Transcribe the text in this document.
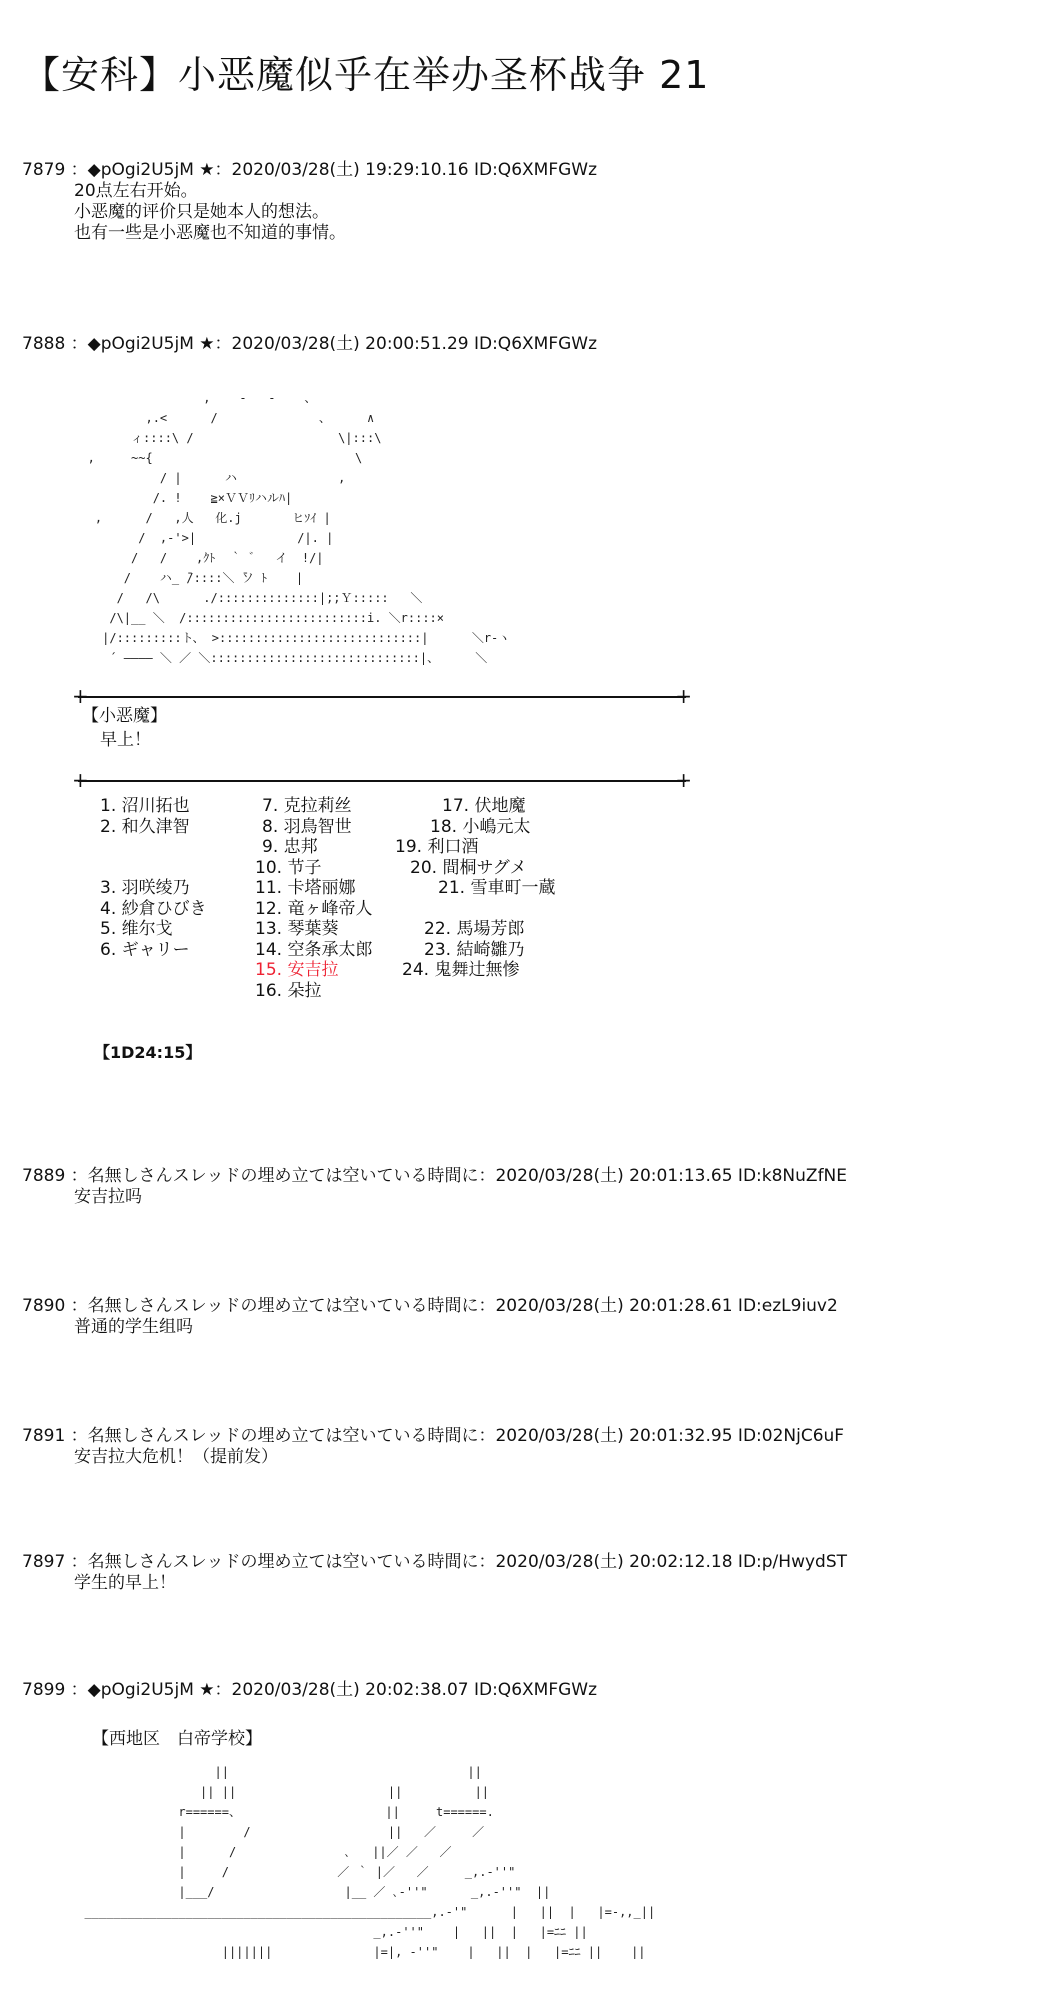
【安科】小恶魔似乎在举办圣杯战争 21
7879 ：◆pOgi2U5jM ★：2020/03/28(土) 19:29:10.16 ID:Q6XMFGWz
20点左右开始。
小恶魔的评价只是她本人的想法。
也有一些是小恶魔也不知道的事情。
7888 ：◆pOgi2U5jM ★：2020/03/28(土) 20:00:51.29 ID:Q6XMFGWz
,    -   ‐    、
,.<      /              、     ∧
ィ::::\ /                    \|:::\
,     ~~{                            \
/ |      ハ              ,
/. !    ≧×ＶＶﾘハルﾊ|
,      /   ,人   化.j       ヒｿｲ |
/  ,-'>|              /|. |
/   /    ,ｸﾄ  ｀ ゛  イ  !/|
/    ハ_ ̄/::::＼ ̄ソ ﾄ    |
/   /\      ./::::::::::::::|;;Ｙ:::::   ＼
/\|__ ＼  /:::::::::::::::::::::::::i. ＼r::::×
|/:::::::::ト、 >::::::::::::::::::::::::::::|      ＼r-ヽ
´ ―――― ＼ ／ ＼:::::::::::::::::::::::::::::|、     ＼
+	+
【小恶魔】
早上！
+	+
1. 沼川拓也
2. 和久津智
3. 羽咲绫乃
4. 紗倉ひびき
5. 维尔戈
6. ギャリー
7. 克拉莉丝
8. 羽鳥智世
9. 忠邦
10. 节子
11. 卡塔丽娜
12. 竜ヶ峰帝人
13. 琴葉葵
14. 空条承太郎
15. 安吉拉
16. 朵拉
17. 伏地魔
18. 小嶋元太
19. 利口酒
20. 間桐サグメ
21. 雪車町一蔵
22. 馬場芳郎
23. 結崎雛乃
24. 鬼舞辻無惨
【1D24:15】
7889 ：名無しさんスレッドの埋め立ては空いている時間に：2020/03/28(土) 20:01:13.65 ID:k8NuZfNE
安吉拉吗
7890 ：名無しさんスレッドの埋め立ては空いている時間に：2020/03/28(土) 20:01:28.61 ID:ezL9iuv2
普通的学生组吗
7891 ：名無しさんスレッドの埋め立ては空いている時間に：2020/03/28(土) 20:01:32.95 ID:02NjC6uF
安吉拉大危机！（提前发）
7897 ：名無しさんスレッドの埋め立ては空いている時間に：2020/03/28(土) 20:02:12.18 ID:p/HwydST
学生的早上！
7899 ：◆pOgi2U5jM ★：2020/03/28(土) 20:02:38.07 ID:Q6XMFGWz
【西地区　白帝学校】
||                                 ||
|| ||                     ||          ||
r======、                    ||     t======.
|        /                   ||   ／     ／
|      /               ､   ||／ ／   ／
|     /               ／ ｀ |／   ／     _,.-''"
|___/                  |__ ／ ､-''"      _,.-''"  ||
________________________________________________,.-'"      |   ||  |   |=-,,_||
_,.-''"    |   ||  |   |=ﾆﾆ ||
|||||||              |=|, -''"    |   ||  |   |=ﾆﾆ ||    ||
